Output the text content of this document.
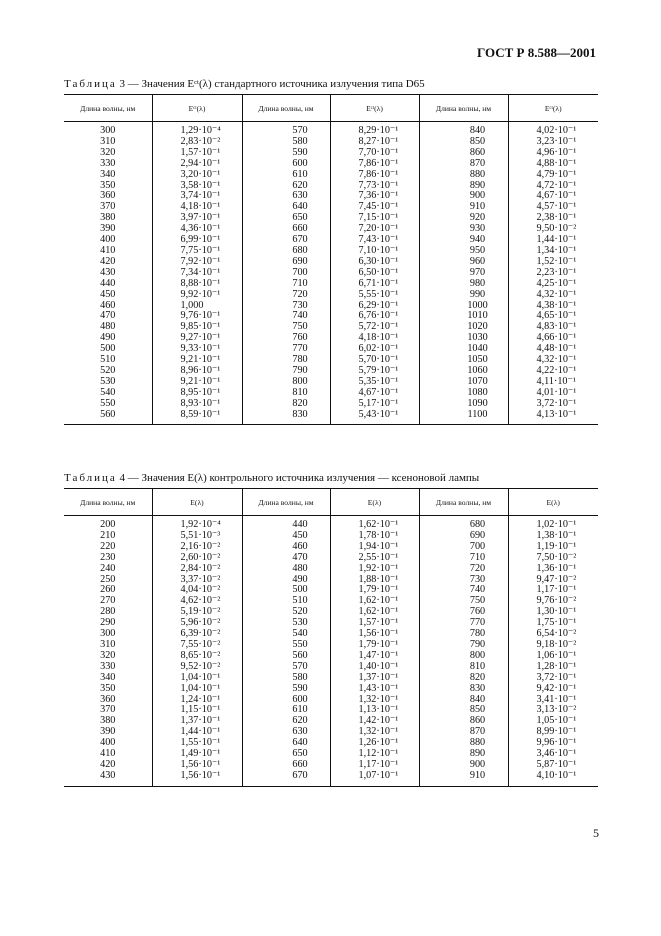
ГОСТ Р 8.588—2001
Таблица 3 — Значения Eᶜᵗ(λ) стандартного источника излучения типа D65
Длина волны, нм	Eᶜᵗ(λ)	Длина волны, нм	Eᶜᵗ(λ)	Длина волны, нм	Eᶜᵗ(λ)
300	1,29·10⁻⁴	570	8,29·10⁻¹	840	4,02·10⁻¹
310	2,83·10⁻²	580	8,27·10⁻¹	850	3,23·10⁻¹
320	1,57·10⁻¹	590	7,70·10⁻¹	860	4,96·10⁻¹
330	2,94·10⁻¹	600	7,86·10⁻¹	870	4,88·10⁻¹
340	3,20·10⁻¹	610	7,86·10⁻¹	880	4,79·10⁻¹
350	3,58·10⁻¹	620	7,73·10⁻¹	890	4,72·10⁻¹
360	3,74·10⁻¹	630	7,36·10⁻¹	900	4,67·10⁻¹
370	4,18·10⁻¹	640	7,45·10⁻¹	910	4,57·10⁻¹
380	3,97·10⁻¹	650	7,15·10⁻¹	920	2,38·10⁻¹
390	4,36·10⁻¹	660	7,20·10⁻¹	930	9,50·10⁻²
400	6,99·10⁻¹	670	7,43·10⁻¹	940	1,44·10⁻¹
410	7,75·10⁻¹	680	7,10·10⁻¹	950	1,34·10⁻¹
420	7,92·10⁻¹	690	6,30·10⁻¹	960	1,52·10⁻¹
430	7,34·10⁻¹	700	6,50·10⁻¹	970	2,23·10⁻¹
440	8,88·10⁻¹	710	6,71·10⁻¹	980	4,25·10⁻¹
450	9,92·10⁻¹	720	5,55·10⁻¹	990	4,32·10⁻¹
460	1,000	730	6,29·10⁻¹	1000	4,38·10⁻¹
470	9,76·10⁻¹	740	6,76·10⁻¹	1010	4,65·10⁻¹
480	9,85·10⁻¹	750	5,72·10⁻¹	1020	4,83·10⁻¹
490	9,27·10⁻¹	760	4,18·10⁻¹	1030	4,66·10⁻¹
500	9,33·10⁻¹	770	6,02·10⁻¹	1040	4,48·10⁻¹
510	9,21·10⁻¹	780	5,70·10⁻¹	1050	4,32·10⁻¹
520	8,96·10⁻¹	790	5,79·10⁻¹	1060	4,22·10⁻¹
530	9,21·10⁻¹	800	5,35·10⁻¹	1070	4,11·10⁻¹
540	8,95·10⁻¹	810	4,67·10⁻¹	1080	4,01·10⁻¹
550	8,93·10⁻¹	820	5,17·10⁻¹	1090	3,72·10⁻¹
560	8,59·10⁻¹	830	5,43·10⁻¹	1100	4,13·10⁻¹
Таблица 4 — Значения E(λ) контрольного источника излучения — ксеноновой лампы
Длина волны, нм	E(λ)	Длина волны, нм	E(λ)	Длина волны, нм	E(λ)
200	1,92·10⁻⁴	440	1,62·10⁻¹	680	1,02·10⁻¹
210	5,51·10⁻³	450	1,78·10⁻¹	690	1,38·10⁻¹
220	2,16·10⁻²	460	1,94·10⁻¹	700	1,19·10⁻¹
230	2,60·10⁻²	470	2,55·10⁻¹	710	7,50·10⁻²
240	2,84·10⁻²	480	1,92·10⁻¹	720	1,36·10⁻¹
250	3,37·10⁻²	490	1,88·10⁻¹	730	9,47·10⁻²
260	4,04·10⁻²	500	1,79·10⁻¹	740	1,17·10⁻¹
270	4,62·10⁻²	510	1,62·10⁻¹	750	9,76·10⁻²
280	5,19·10⁻²	520	1,62·10⁻¹	760	1,30·10⁻¹
290	5,96·10⁻²	530	1,57·10⁻¹	770	1,75·10⁻¹
300	6,39·10⁻²	540	1,56·10⁻¹	780	6,54·10⁻²
310	7,55·10⁻²	550	1,79·10⁻¹	790	9,18·10⁻²
320	8,65·10⁻²	560	1,47·10⁻¹	800	1,06·10⁻¹
330	9,52·10⁻²	570	1,40·10⁻¹	810	1,28·10⁻¹
340	1,04·10⁻¹	580	1,37·10⁻¹	820	3,72·10⁻¹
350	1,04·10⁻¹	590	1,43·10⁻¹	830	9,42·10⁻¹
360	1,24·10⁻¹	600	1,32·10⁻¹	840	3,41·10⁻¹
370	1,15·10⁻¹	610	1,13·10⁻¹	850	3,13·10⁻²
380	1,37·10⁻¹	620	1,42·10⁻¹	860	1,05·10⁻¹
390	1,44·10⁻¹	630	1,32·10⁻¹	870	8,99·10⁻¹
400	1,55·10⁻¹	640	1,26·10⁻¹	880	9,96·10⁻¹
410	1,49·10⁻¹	650	1,12·10⁻¹	890	3,46·10⁻¹
420	1,56·10⁻¹	660	1,17·10⁻¹	900	5,87·10⁻¹
430	1,56·10⁻¹	670	1,07·10⁻¹	910	4,10·10⁻¹
5
